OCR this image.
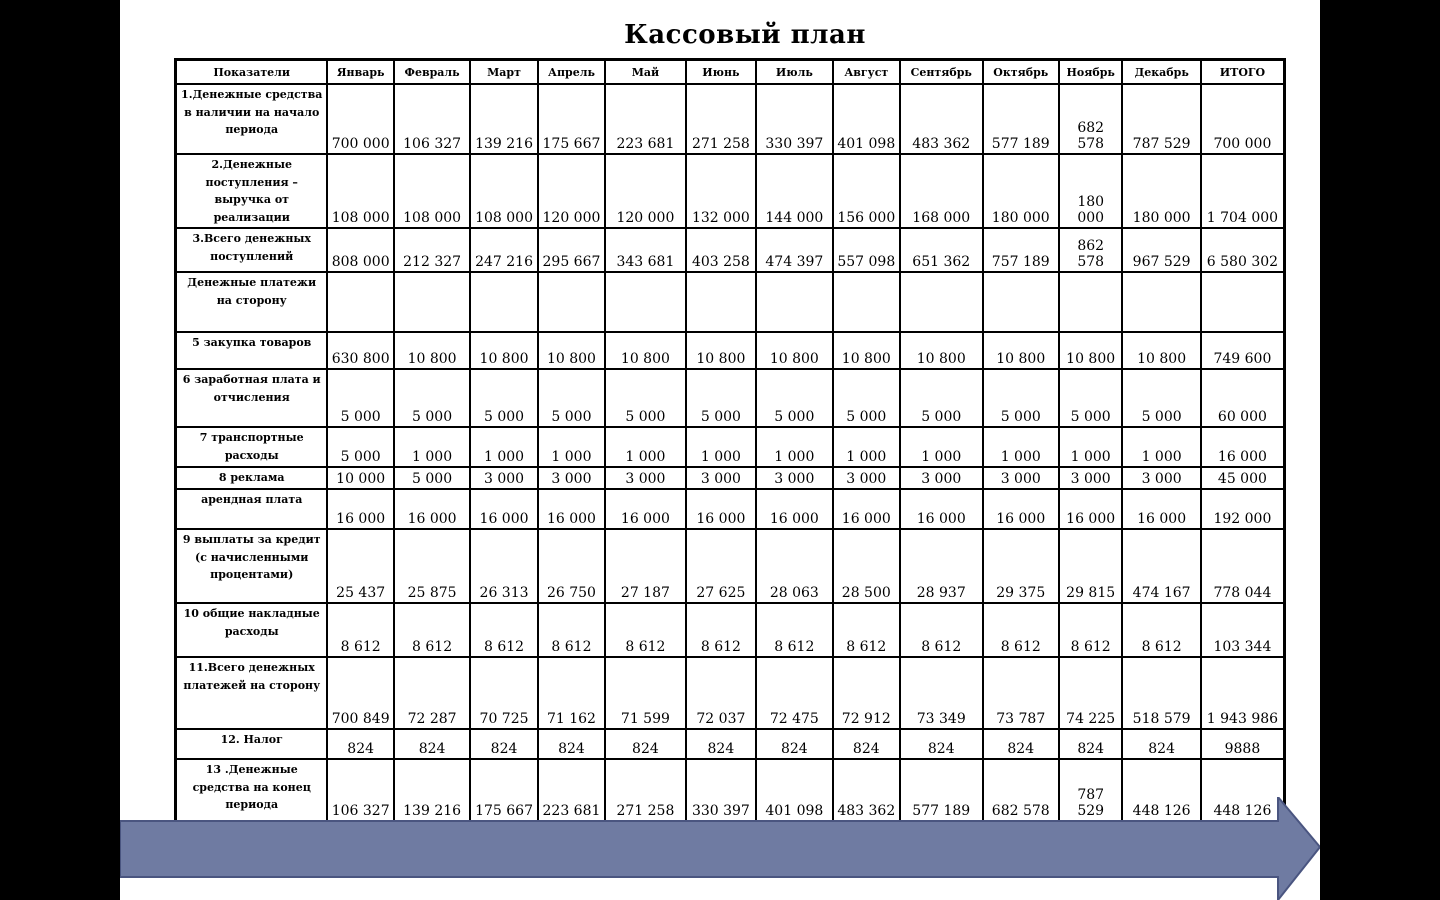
Кассовый план
Показатели	Январь	Февраль	Март	Апрель	Май	Июнь	Июль	Август	Сентябрь	Октябрь	Ноябрь	Декабрь	ИТОГО
1.Денежные средства в наличии на начало периода	700 000	106 327	139 216	175 667	223 681	271 258	330 397	401 098	483 362	577 189	682 578	787 529	700 000
2.Денежные поступления – выручка от реализации	108 000	108 000	108 000	120 000	120 000	132 000	144 000	156 000	168 000	180 000	180 000	180 000	1 704 000
3.Всего денежных поступлений	808 000	212 327	247 216	295 667	343 681	403 258	474 397	557 098	651 362	757 189	862 578	967 529	6 580 302
Денежные платежи на сторону													
5 закупка товаров	630 800	10 800	10 800	10 800	10 800	10 800	10 800	10 800	10 800	10 800	10 800	10 800	749 600
6 заработная плата и отчисления	5 000	5 000	5 000	5 000	5 000	5 000	5 000	5 000	5 000	5 000	5 000	5 000	60 000
7 транспортные расходы	5 000	1 000	1 000	1 000	1 000	1 000	1 000	1 000	1 000	1 000	1 000	1 000	16 000
8 реклама	10 000	5 000	3 000	3 000	3 000	3 000	3 000	3 000	3 000	3 000	3 000	3 000	45 000
арендная плата	16 000	16 000	16 000	16 000	16 000	16 000	16 000	16 000	16 000	16 000	16 000	16 000	192 000
9 выплаты за кредит (с начисленными процентами)	25 437	25 875	26 313	26 750	27 187	27 625	28 063	28 500	28 937	29 375	29 815	474 167	778 044
10 общие накладные расходы	8 612	8 612	8 612	8 612	8 612	8 612	8 612	8 612	8 612	8 612	8 612	8 612	103 344
11.Всего денежных платежей на сторону	700 849	72 287	70 725	71 162	71 599	72 037	72 475	72 912	73 349	73 787	74 225	518 579	1 943 986
12. Налог	824	824	824	824	824	824	824	824	824	824	824	824	9888
13 .Денежные средства на конец периода	106 327	139 216	175 667	223 681	271 258	330 397	401 098	483 362	577 189	682 578	787 529	448 126	448 126
